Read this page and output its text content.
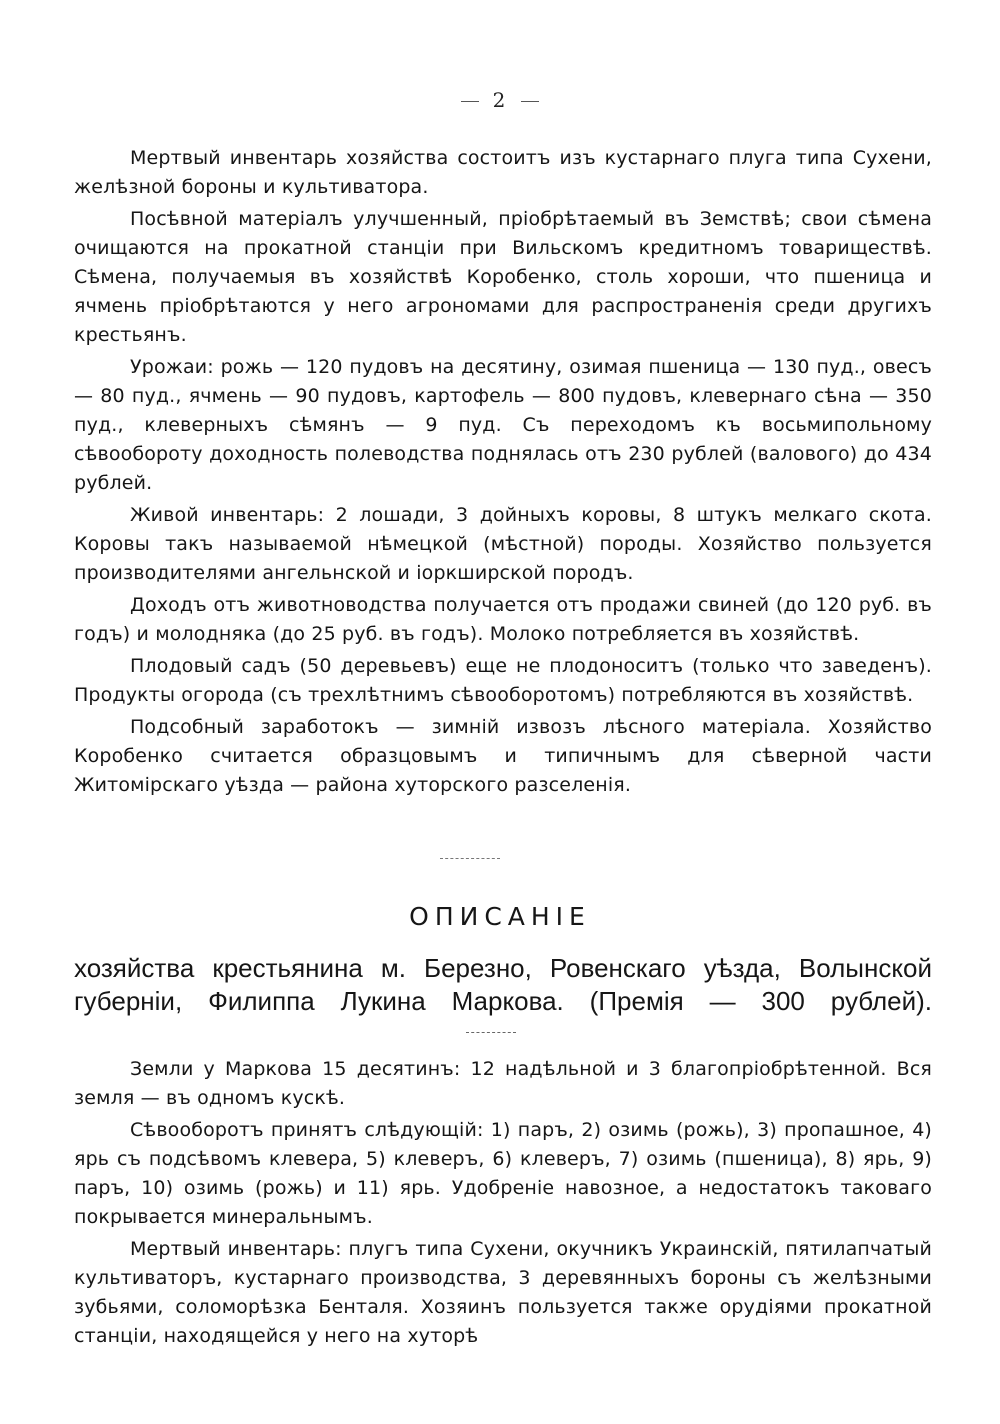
2

Мертвый инвентарь хозяйства состоитъ изъ кустарнаго плуга типа Сухени, желѣзной бороны и культиватора.

Посѣвной матеріалъ улучшенный, пріобрѣтаемый въ Земствѣ; свои сѣмена очищаются на прокатной станціи при Вильскомъ кредитномъ товариществѣ. Сѣмена, получаемыя въ хозяйствѣ Коробенко, столь хороши, что пшеница и ячмень пріобрѣтаются у него агрономами для распространенія среди другихъ крестьянъ.

Урожаи: рожь — 120 пудовъ на десятину, озимая пшеница — 130 пуд., овесъ — 80 пуд., ячмень — 90 пудовъ, картофель — 800 пудовъ, клевернаго сѣна — 350 пуд., клеверныхъ сѣмянъ — 9 пуд. Съ переходомъ къ восьмипольному сѣвообороту доходность полеводства поднялась отъ 230 рублей (валового) до 434 рублей.

Живой инвентарь: 2 лошади, 3 дойныхъ коровы, 8 штукъ мелкаго скота. Коровы такъ называемой нѣмецкой (мѣстной) породы. Хозяйство пользуется производителями ангельнской и іоркширской породъ.

Доходъ отъ животноводства получается отъ продажи свиней (до 120 руб. въ годъ) и молодняка (до 25 руб. въ годъ). Молоко потребляется въ хозяйствѣ.

Плодовый садъ (50 деревьевъ) еще не плодоноситъ (только что заведенъ). Продукты огорода (съ трехлѣтнимъ сѣвооборотомъ) потребляются въ хозяйствѣ.

Подсобный заработокъ — зимній извозъ лѣсного матеріала. Хозяйство Коробенко считается образцовымъ и типичнымъ для сѣверной части Житомірскаго уѣзда — района хуторского разселенія.

ОПИСАНІЕ
хозяйства крестьянина м. Березно, Ровенскаго уѣзда, Волынской
губерніи, Филиппа Лукина Маркова. (Премія — 300 рублей).

Земли у Маркова 15 десятинъ: 12 надѣльной и 3 благопріобрѣтенной. Вся земля — въ одномъ кускѣ.

Сѣвооборотъ принятъ слѣдующій: 1) паръ, 2) озимь (рожь), 3) пропашное, 4) ярь съ подсѣвомъ клевера, 5) клеверъ, 6) клеверъ, 7) озимь (пшеница), 8) ярь, 9) паръ, 10) озимь (рожь) и 11) ярь. Удобреніе навозное, а недостатокъ таковаго покрывается минеральнымъ.

Мертвый инвентарь: плугъ типа Сухени, окучникъ Украинскій, пятилапчатый культиваторъ, кустарнаго производства, 3 деревянныхъ бороны съ желѣзными зубьями, соломорѣзка Бенталя. Хозяинъ пользуется также орудіями прокатной станціи, находящейся у него на хуторѣ
